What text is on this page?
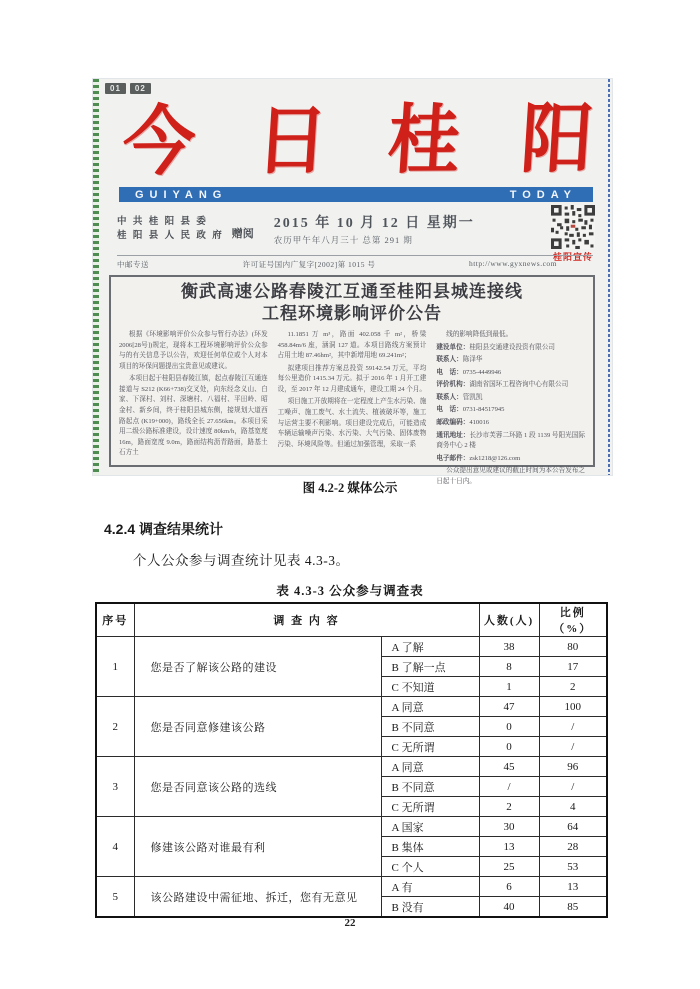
01	02
今 日 桂 阳
GUIYANG	TODAY
中 共 桂 阳 县 委
桂 阳 县 人 民 政 府 赠阅
2015 年 10 月 12 日 星期一
农历甲午年八月三十 总第 291 期
桂阳宣传
中邮专送	许可证号国内广复字[2002]第 1015 号	http://www.gyxnews.com
衡武高速公路春陵江互通至桂阳县城连接线
工程环境影响评价公告

根据《环境影响评价公众参与暂行办法》(环发 2006[28号])规定，现将本工程环境影响评价公众参与的有关信息予以公告，欢迎任何单位或个人对本项目的环保问题提出宝贵意见或建议。

本项目起于桂阳县春陵江镇，起点春陵江互通连接道与 S212 (K66+738)交叉处，向东经念义山、白家、下深村、刘村、深塘村、八福村、平田岭、昭金村、新乡间，终于桂阳县城东侧，接规划大道西路起点 (K19+000)，路线全长 27.656km。本项目采用二级公路标准建设，设计速度 80km/h，路基宽度 16m，路面宽度 9.0m，路面结构沥青路面，路基土石方土

11.1851 万 m³，路面 402.058 千 m²，桥梁 458.84m/6 座，涵洞 127 道。本项目路线方案预计占用土地 87.46hm²，其中新增用地 69.241m²；

拟建项目推荐方案总投资 59142.54 万元，平均每公里造价 1415.34 万元。拟于 2016 年 1 月开工建设，至 2017 年 12 月建成通车，建设工期 24 个月。

项目施工开放期将在一定程度上产生水污染、施工噪声、施工废气、水土流失、植被破坏等，施工与运营主要不利影响。项目建设完成后，可能造成车辆运输噪声污染、水污染、大气污染、固体废物污染、环境风险等。但通过加强管理，采取一系

线的影响降低到最低。

建设单位：桂阳县交通建设投资有限公司

联系人：陈泽华

电　话：0735-4449946

评价机构：湖南省国环工程咨询中心有限公司

联系人：管凯凯

电　话：0731-84517945

邮政编码：410016

通讯地址：长沙市芙蓉二环路 1 段 1139 号阳光国际商务中心 2 楼

电子邮件：zsk1218@126.com

公众提出意见或建议的截止时间为本公告发布之日起十日内。

图 4.2-2 媒体公示
4.2.4 调查结果统计
个人公众参与调查统计见表 4.3-3。
表 4.3-3 公众参与调查表
序号	调 查 内 容		人数(人)	比例（%）
1	您是否了解该公路的建设	A 了解	38	80
		B 了解一点	8	17
		C 不知道	1	2
2	您是否同意修建该公路	A 同意	47	100
		B 不同意	0	/
		C 无所谓	0	/
3	您是否同意该公路的选线	A 同意	45	96
		B 不同意	/	/
		C 无所谓	2	4
4	修建该公路对谁最有利	A 国家	30	64
		B 集体	13	28
		C 个人	25	53
5	该公路建设中需征地、拆迁，您有无意见	A 有	6	13
		B 没有	40	85
22
